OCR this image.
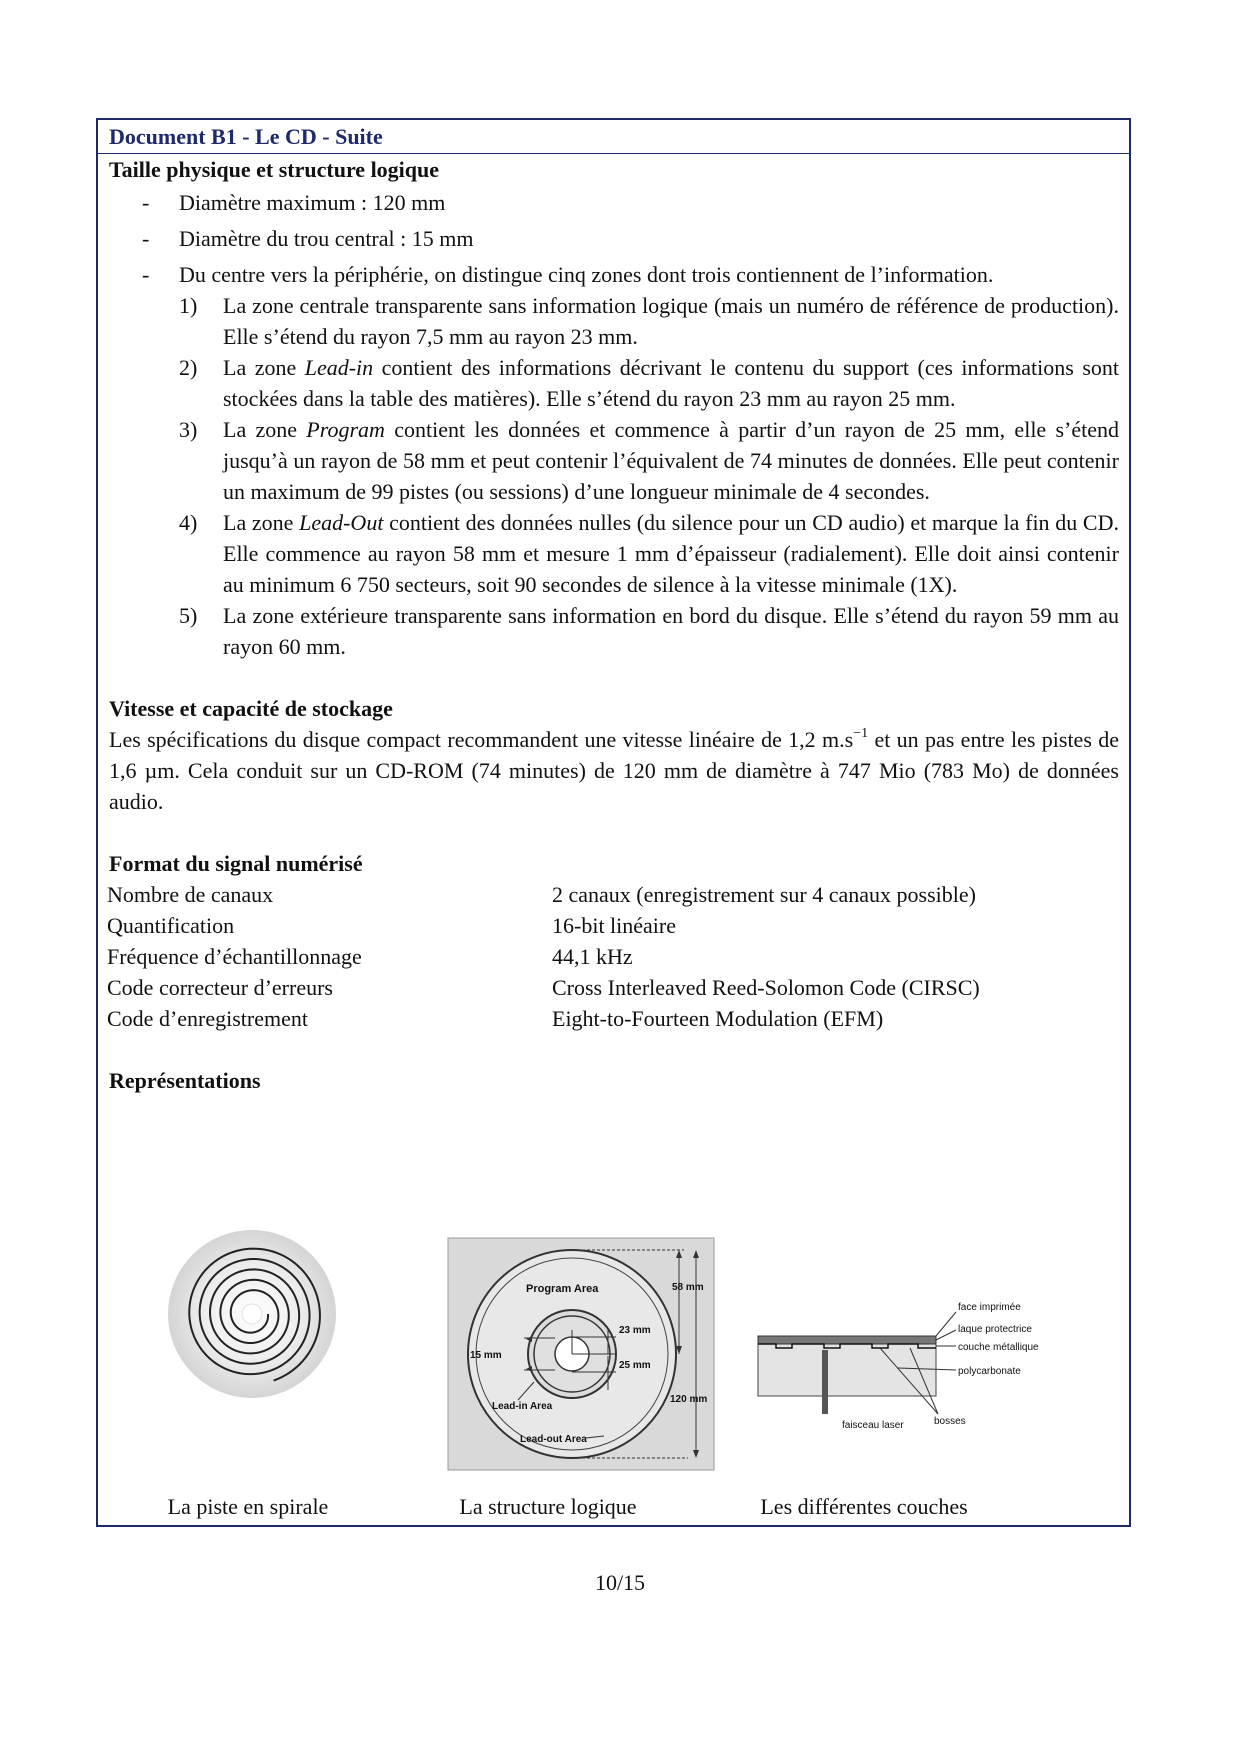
Document B1 - Le CD - Suite
Taille physique et structure logique
- Diamètre maximum : 120 mm
- Diamètre du trou central : 15 mm
- Du centre vers la périphérie, on distingue cinq zones dont trois contiennent de l’information.
1) La zone centrale transparente sans information logique (mais un numéro de référence de production). Elle s’étend du rayon 7,5 mm au rayon 23 mm.
2) La zone Lead-in contient des informations décrivant le contenu du support (ces informations sont stockées dans la table des matières). Elle s’étend du rayon 23 mm au rayon 25 mm.
3) La zone Program contient les données et commence à partir d’un rayon de 25 mm, elle s’étend jusqu’à un rayon de 58 mm et peut contenir l’équivalent de 74 minutes de données. Elle peut contenir un maximum de 99 pistes (ou sessions) d’une longueur minimale de 4 secondes.
4) La zone Lead-Out contient des données nulles (du silence pour un CD audio) et marque la fin du CD. Elle commence au rayon 58 mm et mesure 1 mm d’épaisseur (radialement). Elle doit ainsi contenir au minimum 6 750 secteurs, soit 90 secondes de silence à la vitesse minimale (1X).
5) La zone extérieure transparente sans information en bord du disque. Elle s’étend du rayon 59 mm au rayon 60 mm.
Vitesse et capacité de stockage
Les spécifications du disque compact recommandent une vitesse linéaire de 1,2 $m.s^{-1}$ et un pas entre les pistes de 1,6 µm. Cela conduit sur un CD-ROM (74 minutes) de 120 mm de diamètre à 747 Mio (783 Mo) de données audio.
Format du signal numérisé
Nombre de canaux	2 canaux (enregistrement sur 4 canaux possible)
Quantification	16-bit linéaire
Fréquence d’échantillonnage	44,1 kHz
Code correcteur d’erreurs	Cross Interleaved Reed-Solomon Code (CIRSC)
Code d’enregistrement	Eight-to-Fourteen Modulation (EFM)
Représentations
Program Area	58 mm
23 mm
25 mm
15 mm
120 mm
Lead-in Area
Lead-out Area
face imprimée
laque protectrice
couche métallique
polycarbonate
faisceau laser	bosses
La piste en spirale	La structure logique	Les différentes couches
10/15
